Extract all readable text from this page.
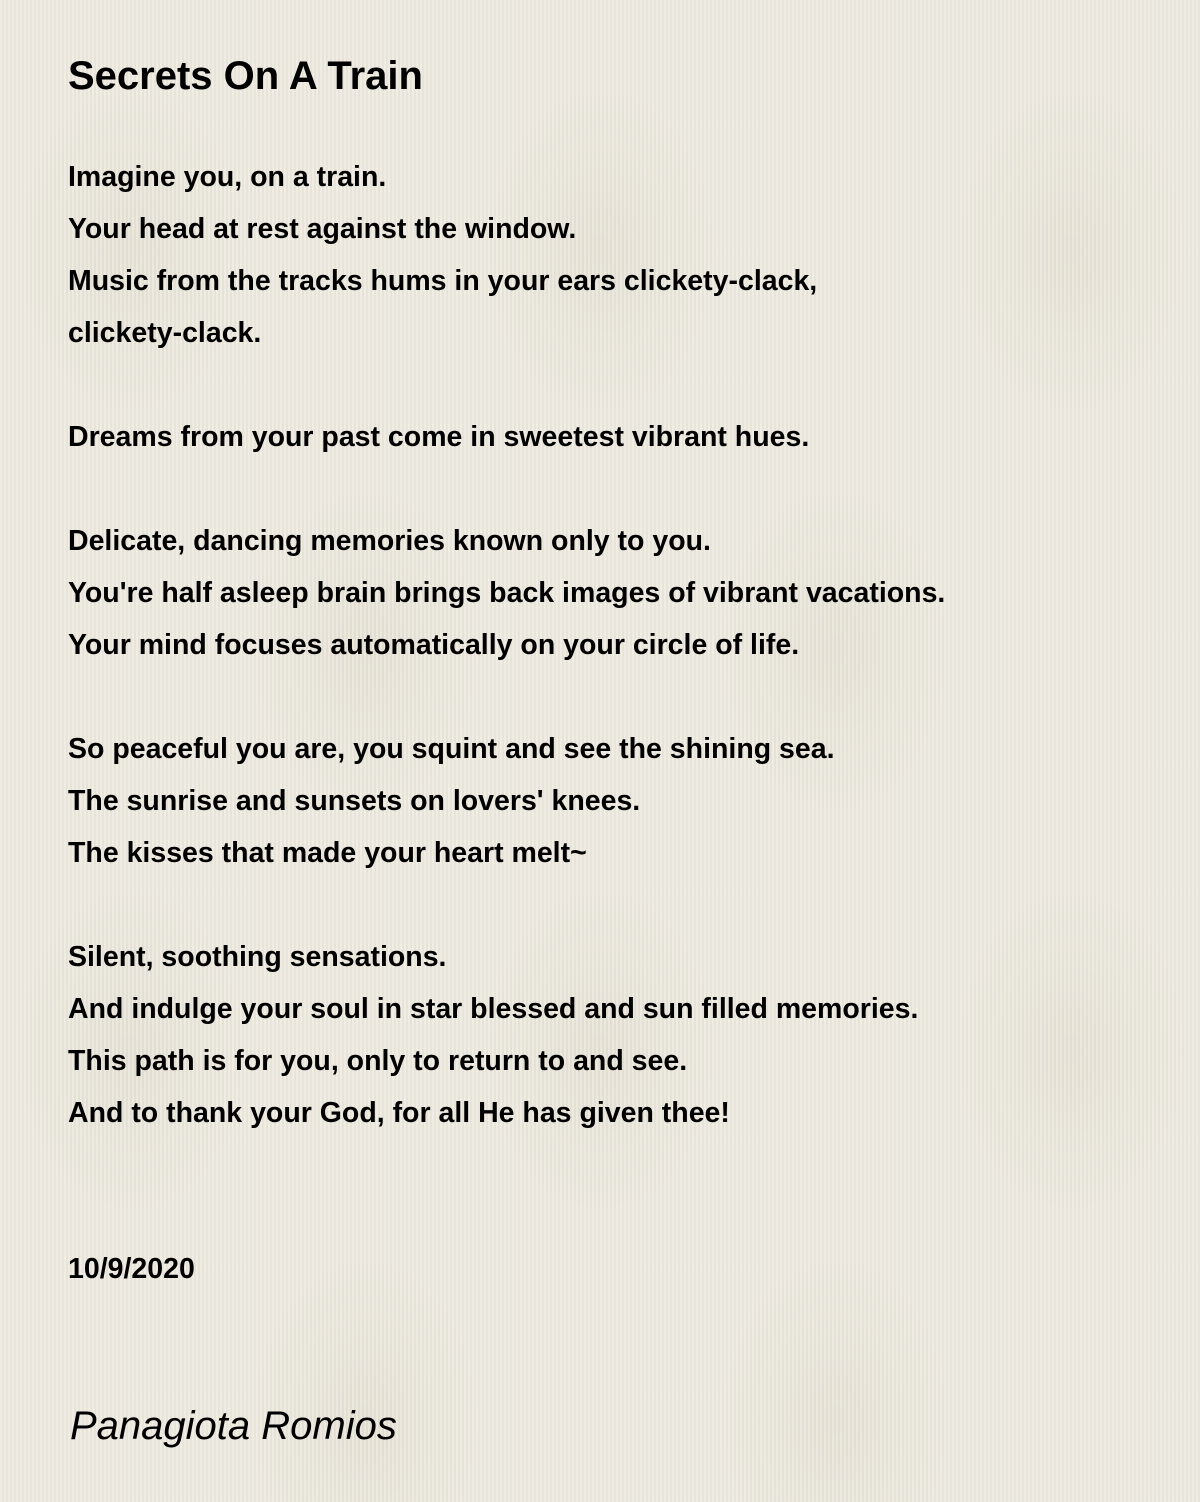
Secrets On A Train
Imagine you, on a train.
Your head at rest against the window.
Music from the tracks hums in your ears clickety-clack,
clickety-clack.
Dreams from your past come in sweetest vibrant hues.
Delicate, dancing memories known only to you.
You're half asleep brain brings back images of vibrant vacations.
Your mind focuses automatically on your circle of life.
So peaceful you are, you squint and see the shining sea.
The sunrise and sunsets on lovers' knees.
The kisses that made your heart melt~
Silent, soothing sensations.
And indulge your soul in star blessed and sun filled memories.
This path is for you, only to return to and see.
And to thank your God, for all He has given thee!
10/9/2020
Panagiota Romios
